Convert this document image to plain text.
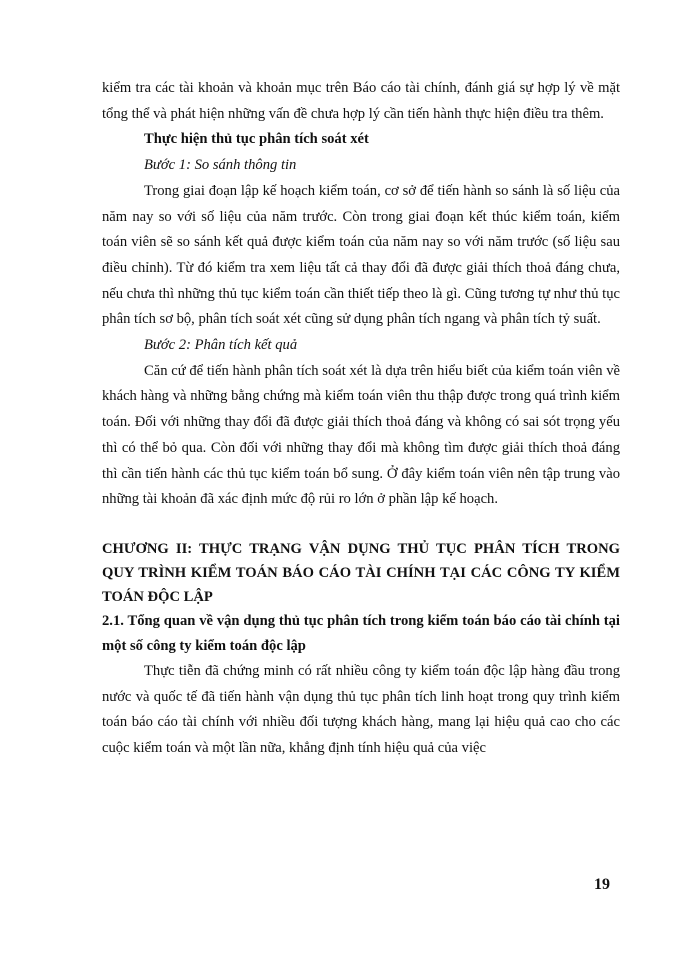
kiểm tra các tài khoản và khoản mục trên Báo cáo tài chính, đánh giá sự hợp lý về mặt tổng thể và phát hiện những vấn đề chưa hợp lý cần tiến hành thực hiện điều tra thêm.

Thực hiện thủ tục phân tích soát xét

Bước 1: So sánh thông tin

Trong giai đoạn lập kế hoạch kiểm toán, cơ sở để tiến hành so sánh là số liệu của năm nay so với số liệu của năm trước. Còn trong giai đoạn kết thúc kiểm toán, kiểm toán viên sẽ so sánh kết quả được kiểm toán của năm nay so với năm trước (số liệu sau điều chỉnh). Từ đó kiểm tra xem liệu tất cả thay đổi đã được giải thích thoả đáng chưa, nếu chưa thì những thủ tục kiểm toán cần thiết tiếp theo là gì. Cũng tương tự như thủ tục phân tích sơ bộ, phân tích soát xét cũng sử dụng phân tích ngang và phân tích tỷ suất.

Bước 2: Phân tích kết quả

Căn cứ để tiến hành phân tích soát xét là dựa trên hiểu biết của kiểm toán viên về khách hàng và những bằng chứng mà kiểm toán viên thu thập được trong quá trình kiểm toán. Đối với những thay đổi đã được giải thích thoả đáng và không có sai sót trọng yếu thì có thể bỏ qua. Còn đối với những thay đổi mà không tìm được giải thích thoả đáng thì cần tiến hành các thủ tục kiểm toán bổ sung. Ở đây kiểm toán viên nên tập trung vào những tài khoản đã xác định mức độ rủi ro lớn ở phần lập kế hoạch.

CHƯƠNG II: THỰC TRẠNG VẬN DỤNG THỦ TỤC PHÂN TÍCH TRONG QUY TRÌNH KIỂM TOÁN BÁO CÁO TÀI CHÍNH TẠI CÁC CÔNG TY KIỂM TOÁN ĐỘC LẬP

2.1. Tổng quan về vận dụng thủ tục phân tích trong kiểm toán báo cáo tài chính tại một số công ty kiểm toán độc lập

Thực tiễn đã chứng minh có rất nhiều công ty kiểm toán độc lập hàng đầu trong nước và quốc tế đã tiến hành vận dụng thủ tục phân tích linh hoạt trong quy trình kiểm toán báo cáo tài chính với nhiều đối tượng khách hàng, mang lại hiệu quả cao cho các cuộc kiểm toán và một lần nữa, khẳng định tính hiệu quả của việc

19
